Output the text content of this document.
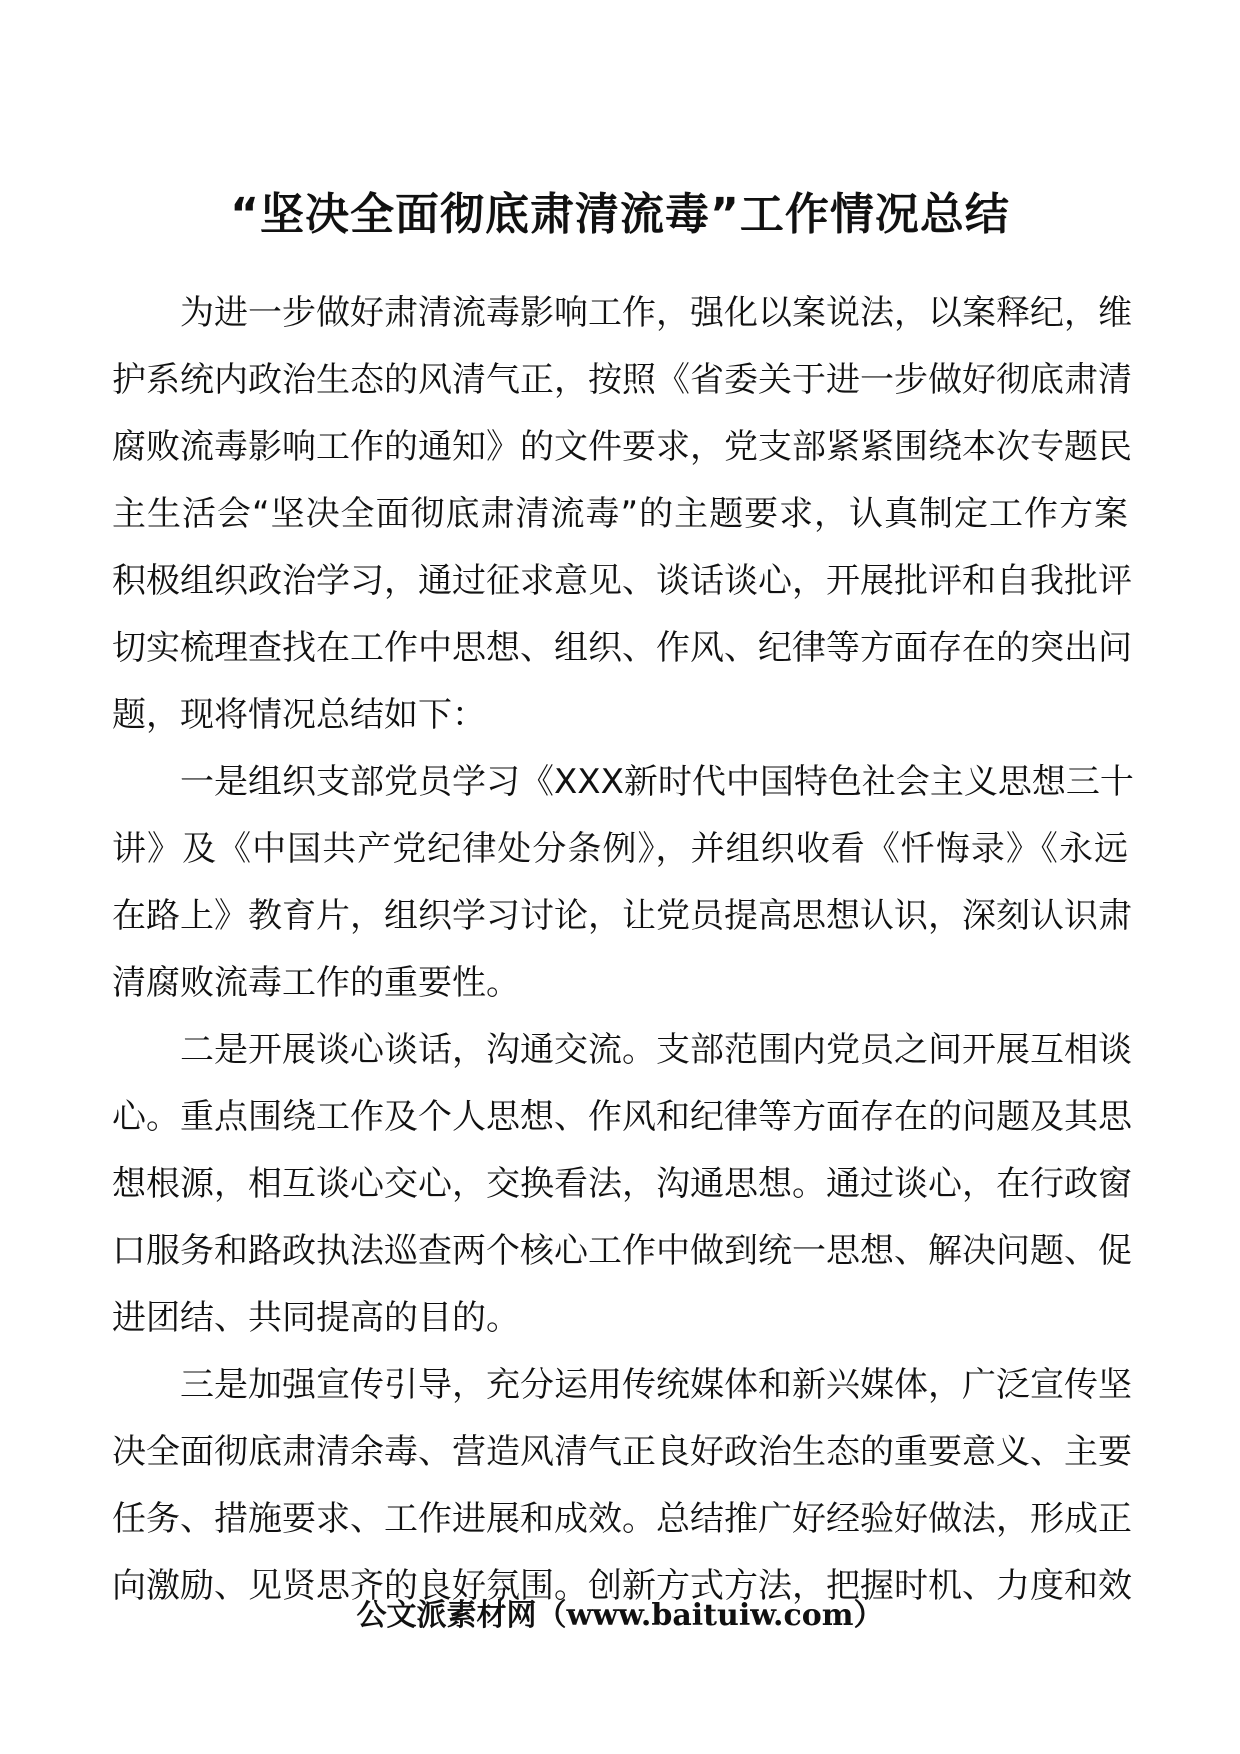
“坚决全面彻底肃清流毒”工作情况总结
为进一步做好肃清流毒影响工作，强化以案说法，以案释纪，维
护系统内政治生态的风清气正，按照《省委关于进一步做好彻底肃清
腐败流毒影响工作的通知》的文件要求，党支部紧紧围绕本次专题民
主生活会“坚决全面彻底肃清流毒”的主题要求，认真制定工作方案
积极组织政治学习，通过征求意见、谈话谈心，开展批评和自我批评
切实梳理查找在工作中思想、组织、作风、纪律等方面存在的突出问
题，现将情况总结如下：
一是组织支部党员学习《XXX新时代中国特色社会主义思想三十
讲》及《中国共产党纪律处分条例》，并组织收看《忏悔录》《永远
在路上》教育片，组织学习讨论，让党员提高思想认识，深刻认识肃
清腐败流毒工作的重要性。
二是开展谈心谈话，沟通交流。支部范围内党员之间开展互相谈
心。重点围绕工作及个人思想、作风和纪律等方面存在的问题及其思
想根源，相互谈心交心，交换看法，沟通思想。通过谈心，在行政窗
口服务和路政执法巡查两个核心工作中做到统一思想、解决问题、促
进团结、共同提高的目的。
三是加强宣传引导，充分运用传统媒体和新兴媒体，广泛宣传坚
决全面彻底肃清余毒、营造风清气正良好政治生态的重要意义、主要
任务、措施要求、工作进展和成效。总结推广好经验好做法，形成正
向激励、见贤思齐的良好氛围。创新方式方法，把握时机、力度和效
公文派素材网（www.baituiw.com）
